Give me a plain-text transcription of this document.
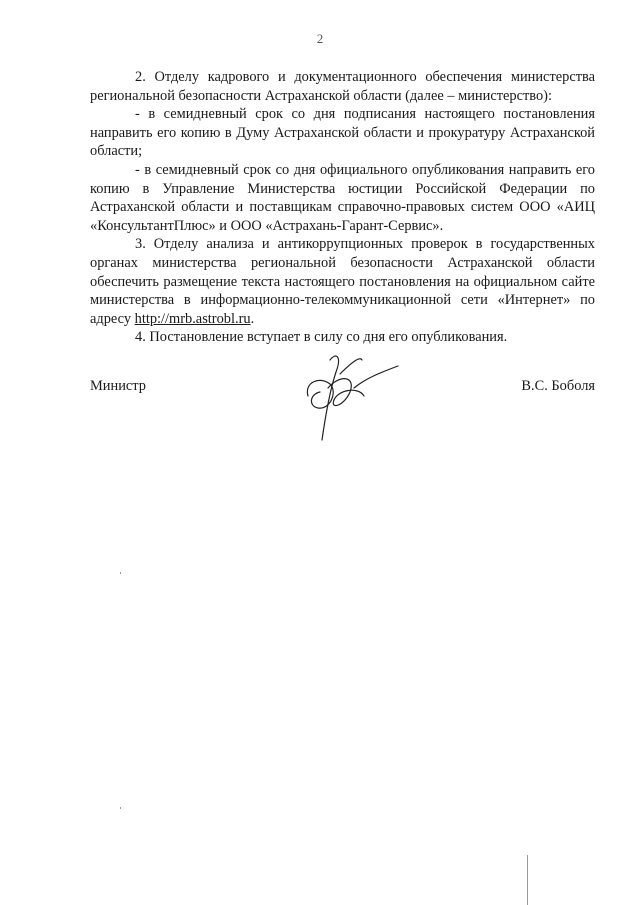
2

2. Отделу кадрового и документационного обеспечения министерства региональной безопасности Астраханской области (далее – министерство):

- в семидневный срок со дня подписания настоящего постановления направить его копию в Думу Астраханской области и прокуратуру Астраханской области;

- в семидневный срок со дня официального опубликования направить его копию в Управление Министерства юстиции Российской Федерации по Астраханской области и поставщикам справочно-правовых систем ООО «АИЦ «КонсультантПлюс» и ООО «Астрахань-Гарант-Сервис».

3. Отделу анализа и антикоррупционных проверок в государственных органах министерства региональной безопасности Астраханской области обеспечить размещение текста настоящего постановления на официальном сайте министерства в информационно-телекоммуникационной сети «Интернет» по адресу http://mrb.astrobl.ru.

4. Постановление вступает в силу со дня его опубликования.

Министр	В.С. Боболя
